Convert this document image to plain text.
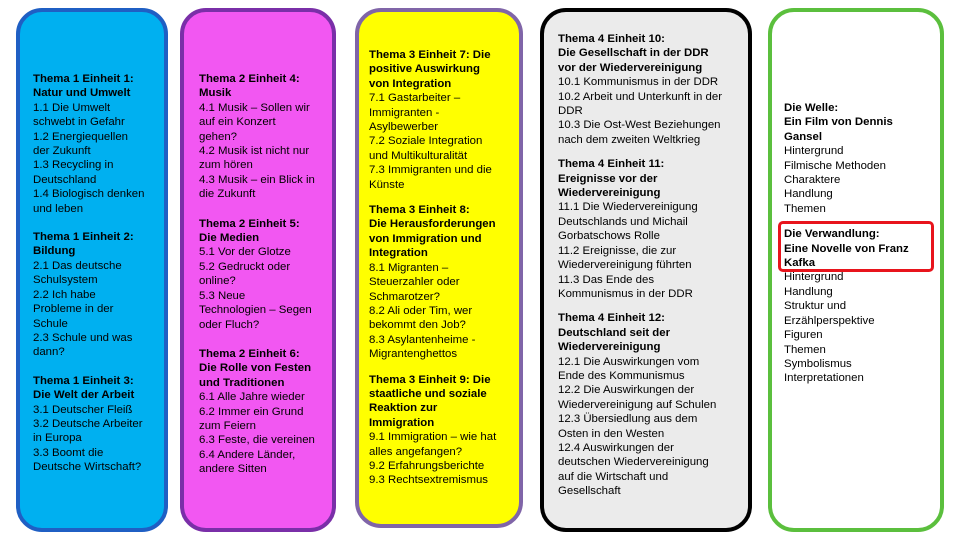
Thema 1 Einheit 1:
Natur und Umwelt
1.1 Die Umwelt
schwebt in Gefahr
1.2 Energiequellen
der Zukunft
1.3 Recycling in
Deutschland
1.4 Biologisch denken
und leben
Thema 1 Einheit 2:
Bildung
2.1 Das deutsche
Schulsystem
2.2 Ich habe
Probleme in der
Schule
2.3 Schule und was
dann?
Thema 1 Einheit 3:
Die Welt der Arbeit
3.1 Deutscher Fleiß
3.2 Deutsche Arbeiter
in Europa
3.3 Boomt die
Deutsche Wirtschaft?
Thema 2 Einheit 4:
Musik
4.1 Musik – Sollen wir
auf ein Konzert
gehen?
4.2 Musik ist nicht nur
zum hören
4.3 Musik – ein Blick in
die Zukunft
Thema 2 Einheit 5:
Die Medien
5.1 Vor der Glotze
5.2 Gedruckt oder
online?
5.3 Neue
Technologien – Segen
oder Fluch?
Thema 2 Einheit 6:
Die Rolle von Festen
und Traditionen
6.1 Alle Jahre wieder
6.2 Immer ein Grund
zum Feiern
6.3 Feste, die vereinen
6.4 Andere Länder,
andere Sitten
Thema 3 Einheit 7: Die
positive Auswirkung
von Integration
7.1 Gastarbeiter –
Immigranten -
Asylbewerber
7.2 Soziale Integration
und Multikulturalität
7.3 Immigranten und die
Künste
Thema 3 Einheit 8:
Die Herausforderungen
von Immigration und
Integration
8.1 Migranten –
Steuerzahler oder
Schmarotzer?
8.2 Ali oder Tim, wer
bekommt den Job?
8.3 Asylantenheime -
Migrantenghettos
Thema 3 Einheit 9: Die
staatliche und soziale
Reaktion zur
Immigration
9.1 Immigration – wie hat
alles angefangen?
9.2 Erfahrungsberichte
9.3 Rechtsextremismus
Thema 4 Einheit 10:
Die Gesellschaft in der DDR
vor der Wiedervereinigung
10.1 Kommunismus in der DDR
10.2 Arbeit und Unterkunft in der
DDR
10.3 Die Ost-West Beziehungen
nach dem zweiten Weltkrieg
Thema 4 Einheit 11:
Ereignisse vor der
Wiedervereinigung
11.1 Die Wiedervereinigung
Deutschlands und Michail
Gorbatschows Rolle
11.2 Ereignisse, die zur
Wiedervereinigung führten
11.3 Das Ende des
Kommunismus in der DDR
Thema 4 Einheit 12:
Deutschland seit der
Wiedervereinigung
12.1 Die Auswirkungen vom
Ende des Kommunismus
12.2 Die Auswirkungen der
Wiedervereinigung auf Schulen
12.3 Übersiedlung aus dem
Osten in den Westen
12.4 Auswirkungen der
deutschen Wiedervereinigung
auf die Wirtschaft und
Gesellschaft
Die Welle:
Ein Film von Dennis
Gansel
Hintergrund
Filmische Methoden
Charaktere
Handlung
Themen
Die Verwandlung:
Eine Novelle von Franz
Kafka
Hintergrund
Handlung
Struktur und
Erzählperspektive
Figuren
Themen
Symbolismus
Interpretationen
